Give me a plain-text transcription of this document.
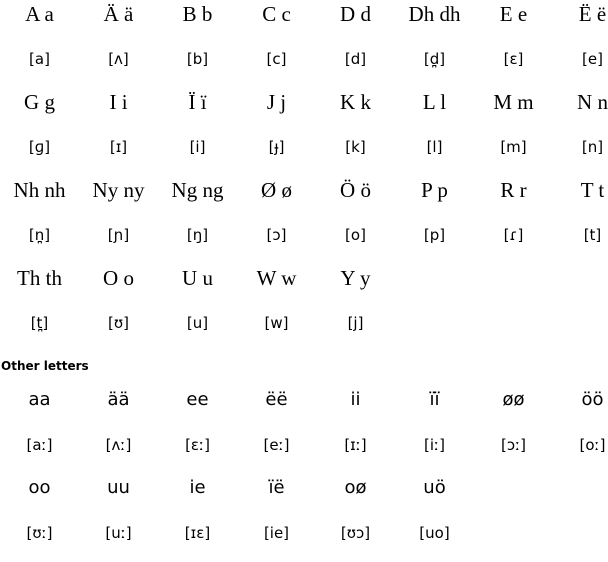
A a	Ä ä	B b	C c	D d	Dh dh	E e	Ë ë
[a]	[ʌ]	[b]	[c]	[d]	[d̪]	[ɛ]	[e]
G g	I i	Ï ï	J j	K k	L l	M m	N n
[ɡ]	[ɪ]	[i]	[ɟ]	[k]	[l]	[m]	[n]
Nh nh	Ny ny	Ng ng	Ø ø	Ö ö	P p	R r	T t
[n̪]	[ɲ]	[ŋ]	[ɔ]	[o]	[p]	[ɾ]	[t]
Th th	O o	U u	W w	Y y
[t̪]	[ʊ]	[u]	[w]	[j]
Other letters
aa	ää	ee	ëë	ii	ïï	øø	öö
[aː]	[ʌː]	[ɛː]	[eː]	[ɪː]	[iː]	[ɔː]	[oː]
oo	uu	ie	ïë	oø	uö
[ʊː]	[uː]	[ɪɛ]	[ie]	[ʊɔ]	[uo]
